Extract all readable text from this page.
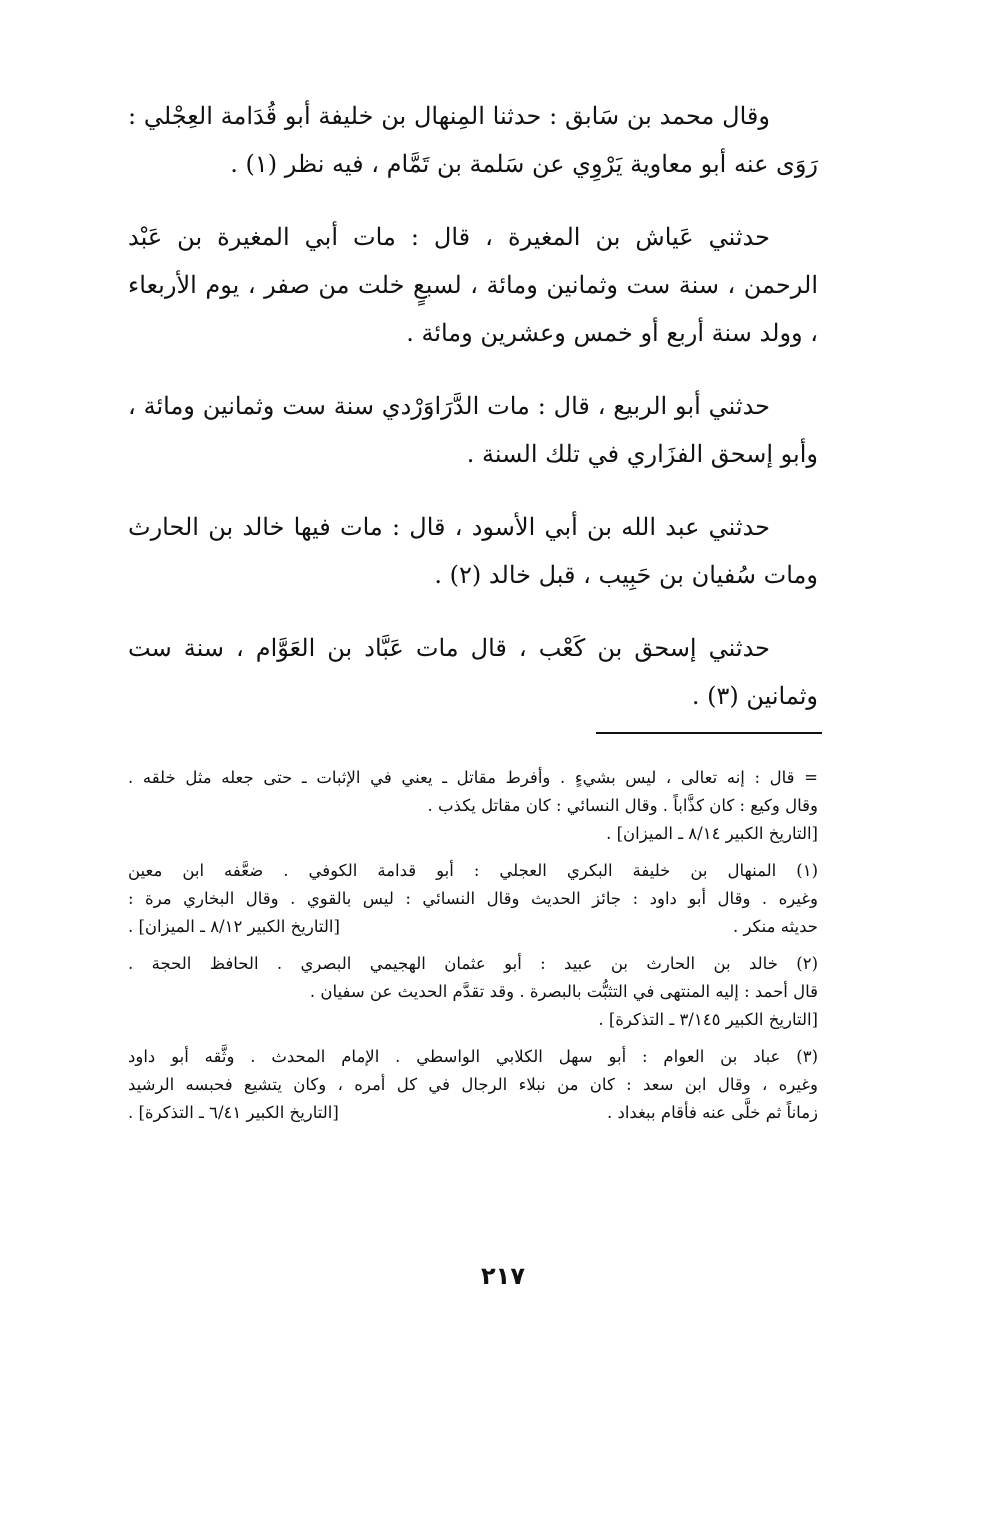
وقال محمد بن سَابق : حدثنا المِنهال بن خليفة أبو قُدَامة العِجْلي : رَوَى عنه أبو معاوية يَرْوِي عن سَلمة بن تَمَّام ، فيه نظر (١) .

حدثني عَياش بن المغيرة ، قال : مات أبي المغيرة بن عَبْد الرحمن ، سنة ست وثمانين ومائة ، لسبعٍ خلت من صفر ، يوم الأربعاء ، وولد سنة أربع أو خمس وعشرين ومائة .

حدثني أبو الربيع ، قال : مات الدَّرَاوَرْدي سنة ست وثمانين ومائة ، وأبو إسحق الفزَاري في تلك السنة .

حدثني عبد الله بن أبي الأسود ، قال : مات فيها خالد بن الحارث ومات سُفيان بن حَبِيب ، قبل خالد (٢) .

حدثني إسحق بن كَعْب ، قال مات عَبَّاد بن العَوَّام ، سنة ست وثمانين (٣) .

= قال : إنه تعالى ، ليس بشيءٍ . وأفرط مقاتل ـ يعني في الإثبات ـ حتى جعله مثل خلقه .
وقال وكيع : كان كذَّاباً . وقال النسائي : كان مقاتل يكذب .
[التاريخ الكبير ٨/١٤ ـ الميزان] .
(١) المنهال بن خليفة البكري العجلي : أبو قدامة الكوفي . ضعَّفه ابن معين
وغيره . وقال أبو داود : جائز الحديث وقال النسائي : ليس بالقوي . وقال البخاري مرة :
حديثه منكر .
[التاريخ الكبير ٨/١٢ ـ الميزان] .
(٢) خالد بن الحارث بن عبيد : أبو عثمان الهجيمي البصري . الحافظ الحجة .
قال أحمد : إليه المنتهى في التثبُّت بالبصرة . وقد تقدَّم الحديث عن سفيان .
[التاريخ الكبير ٣/١٤٥ ـ التذكرة] .
(٣) عباد بن العوام : أبو سهل الكلابي الواسطي . الإمام المحدث . وثَّقه أبو داود
وغيره ، وقال ابن سعد : كان من نبلاء الرجال في كل أمره ، وكان يتشيع فحبسه الرشيد
زماناً ثم خلَّى عنه فأقام ببغداد .
[التاريخ الكبير ٦/٤١ ـ التذكرة] .
٢١٧
